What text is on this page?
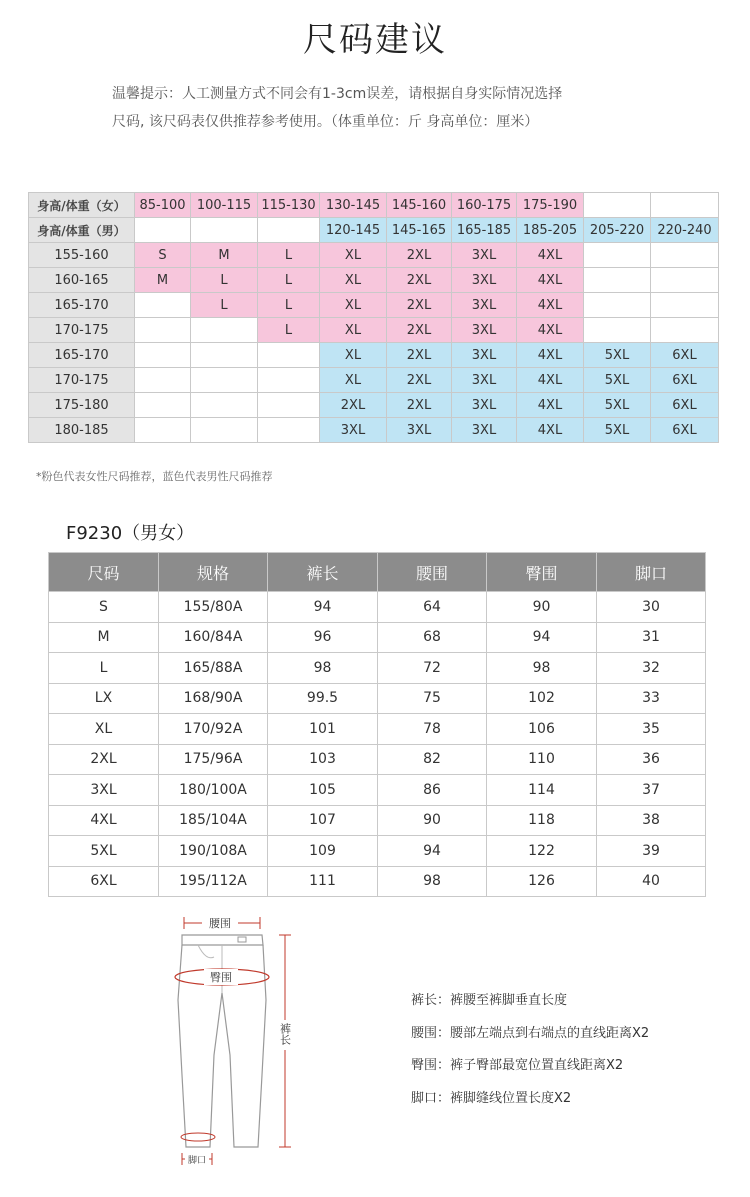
尺码建议
温馨提示：人工测量方式不同会有1-3cm误差，请根据自身实际情况选择
尺码, 该尺码表仅供推荐参考使用。（体重单位：斤 身高单位：厘米）
身高/体重（女）	85-100	100-115	115-130	130-145	145-160	160-175	175-190		
身高/体重（男）				120-145	145-165	165-185	185-205	205-220	220-240
155-160	S	M	L	XL	2XL	3XL	4XL		
160-165	M	L	L	XL	2XL	3XL	4XL		
165-170		L	L	XL	2XL	3XL	4XL		
170-175			L	XL	2XL	3XL	4XL		
165-170				XL	2XL	3XL	4XL	5XL	6XL
170-175				XL	2XL	3XL	4XL	5XL	6XL
175-180				2XL	2XL	3XL	4XL	5XL	6XL
180-185				3XL	3XL	3XL	4XL	5XL	6XL
*粉色代表女性尺码推荐，蓝色代表男性尺码推荐
F9230（男女）
尺码	规格	裤长	腰围	臀围	脚口
S	155/80A	94	64	90	30
M	160/84A	96	68	94	31
L	165/88A	98	72	98	32
LX	168/90A	99.5	75	102	33
XL	170/92A	101	78	106	35
2XL	175/96A	103	82	110	36
3XL	180/100A	105	86	114	37
4XL	185/104A	107	90	118	38
5XL	190/108A	109	94	122	39
6XL	195/112A	111	98	126	40
腰围
臀围
裤长
脚口
裤长：裤腰至裤脚垂直长度
腰围：腰部左端点到右端点的直线距离X2
臀围：裤子臀部最宽位置直线距离X2
脚口：裤脚缝线位置长度X2
